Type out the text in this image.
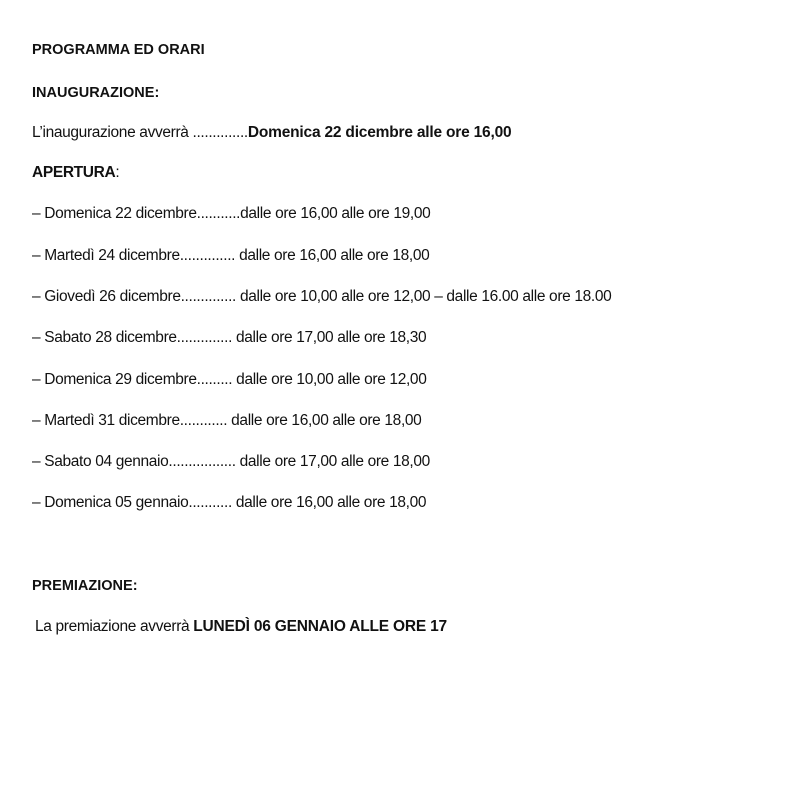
PROGRAMMA ED ORARI
INAUGURAZIONE:
L’inaugurazione avverrà ..............Domenica 22 dicembre alle ore 16,00
APERTURA:
– Domenica 22 dicembre...........dalle ore 16,00 alle ore 19,00
– Martedì 24 dicembre.............. dalle ore 16,00 alle ore 18,00
– Giovedì 26 dicembre.............. dalle ore 10,00 alle ore 12,00 – dalle 16.00 alle ore 18.00
– Sabato 28 dicembre.............. dalle ore 17,00 alle ore 18,30
– Domenica 29 dicembre......... dalle ore 10,00 alle ore 12,00
– Martedì 31 dicembre............ dalle ore 16,00 alle ore 18,00
– Sabato 04 gennaio................. dalle ore 17,00 alle ore 18,00
– Domenica 05 gennaio........... dalle ore 16,00 alle ore 18,00
PREMIAZIONE:
La premiazione avverrà LUNEDÌ 06 GENNAIO ALLE ORE 17
